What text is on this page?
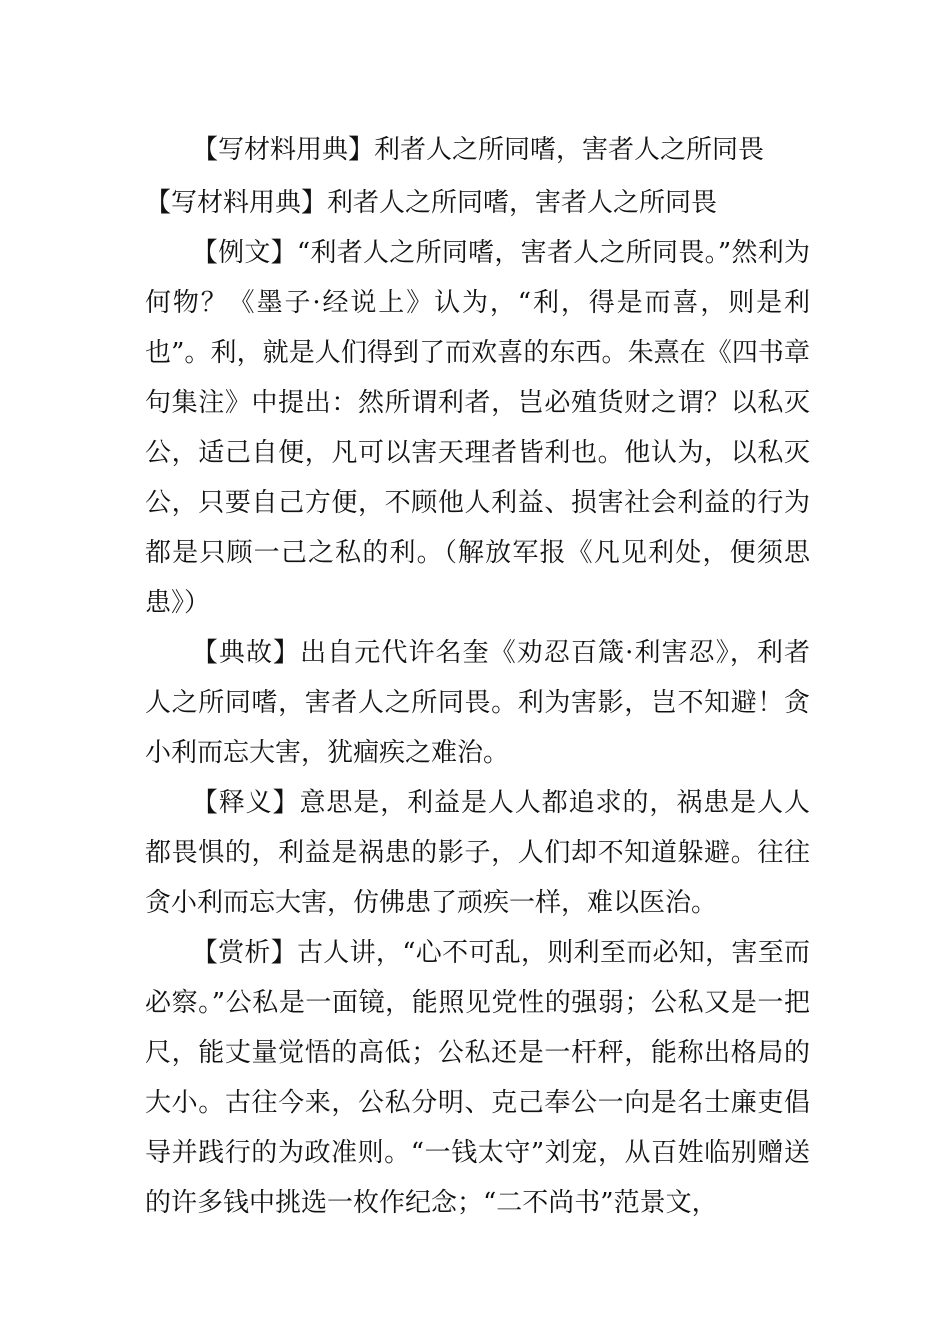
【写材料用典】利者人之所同嗜，害者人之所同畏

【写材料用典】利者人之所同嗜，害者人之所同畏

【例文】“利者人之所同嗜，害者人之所同畏。”然利为何物？《墨子·经说上》认为，“利，得是而喜，则是利也”。利，就是人们得到了而欢喜的东西。朱熹在《四书章句集注》中提出：然所谓利者，岂必殖货财之谓？以私灭公，适己自便，凡可以害天理者皆利也。他认为，以私灭公，只要自己方便，不顾他人利益、损害社会利益的行为都是只顾一己之私的利。（解放军报《凡见利处，便须思患》）

【典故】出自元代许名奎《劝忍百箴·利害忍》，利者人之所同嗜，害者人之所同畏。利为害影，岂不知避！贪小利而忘大害，犹痼疾之难治。

【释义】意思是，利益是人人都追求的，祸患是人人都畏惧的，利益是祸患的影子，人们却不知道躲避。往往贪小利而忘大害，仿佛患了顽疾一样，难以医治。

【赏析】古人讲，“心不可乱，则利至而必知，害至而必察。”公私是一面镜，能照见党性的强弱；公私又是一把尺，能丈量觉悟的高低；公私还是一杆秤，能称出格局的大小。古往今来，公私分明、克己奉公一向是名士廉吏倡导并践行的为政准则。“一钱太守”刘宠，从百姓临别赠送的许多钱中挑选一枚作纪念；“二不尚书”范景文，
